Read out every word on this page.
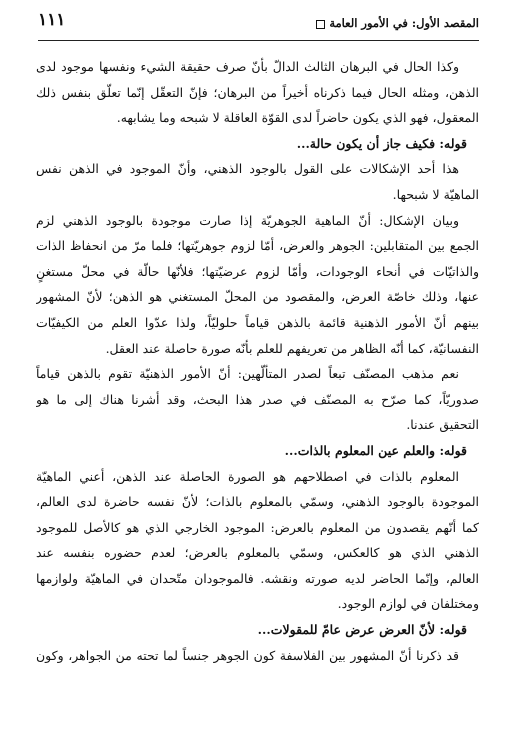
المقصد الأول: في الأمور العامة
١١١
وكذا الحال في البرهان الثالث الدالّ بأنّ صرف حقيقة الشيء ونفسها موجود لدى
الذهن، ومثله الحال فيما ذكرناه أخيراً من البرهان؛ فإنّ التعقّل إنّما تعلّق بنفس ذلك
المعقول، فهو الذي يكون حاضراً لدى القوّة العاقلة لا شبحه وما يشابهه.
قوله: فكيف جاز أن يكون حالة...
هذا أحد الإشكالات على القول بالوجود الذهني، وأنّ الموجود في الذهن نفس
الماهيّة لا شبحها.
وبيان الإشكال: أنّ الماهية الجوهريّة إذا صارت موجودة بالوجود الذهني لزم
الجمع بين المتقابلين: الجوهر والعرض، أمّا لزوم جوهريّتها؛ فلما مرّ من انحفاظ الذات
والذاتيّات في أنحاء الوجودات، وأمّا لزوم عرضيّتها؛ فلأنّها حالّة في محلّ مستغنٍ
عنها، وذلك خاصّة العرض، والمقصود من المحلّ المستغني هو الذهن؛ لأنّ المشهور
بينهم أنّ الأمور الذهنية قائمة بالذهن قياماً حلوليّاً، ولذا عدّوا العلم من الكيفيّات
النفسانيّة، كما أنّه الظاهر من تعريفهم للعلم بأنّه صورة حاصلة عند العقل.
نعم مذهب المصنّف تبعاً لصدر المتألّهين: أنّ الأمور الذهنيّة تقوم بالذهن قياماً
صدوريّاً، كما صرّح به المصنّف في صدر هذا البحث، وقد أشرنا هناك إلى ما هو
التحقيق عندنا.
قوله: والعلم عين المعلوم بالذات...
المعلوم بالذات في اصطلاحهم هو الصورة الحاصلة عند الذهن، أعني الماهيّة
الموجودة بالوجود الذهني، وسمّي بالمعلوم بالذات؛ لأنّ نفسه حاضرة لدى العالم،
كما أنّهم يقصدون من المعلوم بالعرض: الموجود الخارجي الذي هو كالأصل للموجود
الذهني الذي هو كالعكس، وسمّي بالمعلوم بالعرض؛ لعدم حضوره بنفسه عند
العالم، وإنّما الحاضر لديه صورته ونقشه. فالموجودان متّحدان في الماهيّة ولوازمها
ومختلفان في لوازم الوجود.
قوله: لأنّ العرض عرض عامّ للمقولات...
قد ذكرنا أنّ المشهور بين الفلاسفة كون الجوهر جنساً لما تحته من الجواهر، وكون
